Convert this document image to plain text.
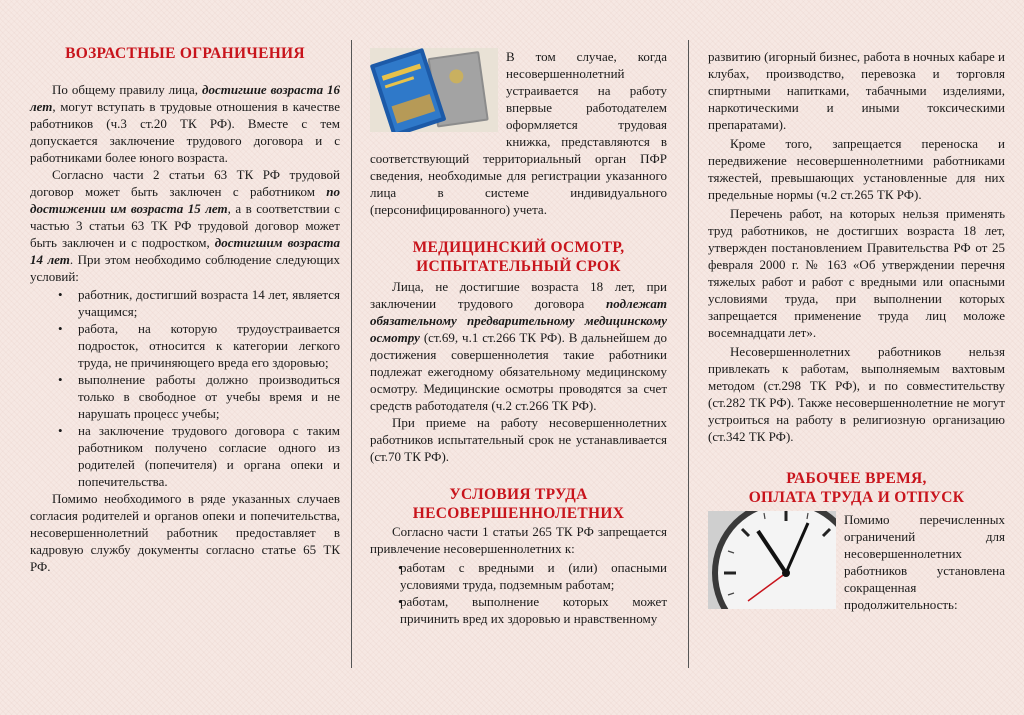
ВОЗРАСТНЫЕ ОГРАНИЧЕНИЯ

По общему правилу лица, достигшие возраста 16 лет, могут вступать в трудовые отношения в качестве работников (ч.3 ст.20 ТК РФ). Вместе с тем допускается заключение трудового договора и с работниками более юного возраста.

Согласно части 2 статьи 63 ТК РФ трудовой договор может быть заключен с работником по достижении им возраста 15 лет, а в соответствии с частью 3 статьи 63 ТК РФ трудовой договор может быть заключен и с подростком, достигшим возраста 14 лет. При этом необходимо соблюдение следующих условий:

• работник, достигший возраста 14 лет, является учащимся;
• работа, на которую трудоустраивается подросток, относится к категории легкого труда, не причиняющего вреда его здоровью;
• выполнение работы должно производиться только в свободное от учебы время и не нарушать процесс учебы;
• на заключение трудового договора с таким работником получено согласие одного из родителей (попечителя) и органа опеки и попечительства.

Помимо необходимого в ряде указанных случаев согласия родителей и органов опеки и попечительства, несовершеннолетний работник предоставляет в кадровую службу документы согласно статье 65 ТК РФ.

В том случае, когда несовершеннолетний устраивается на работу впервые работодателем оформляется трудовая книжка, представляются в соответствующий территориальный орган ПФР сведения, необходимые для регистрации указанного лица в системе индивидуального (персонифицированного) учета.

МЕДИЦИНСКИЙ ОСМОТР,
ИСПЫТАТЕЛЬНЫЙ СРОК

Лица, не достигшие возраста 18 лет, при заключении трудового договора подлежат обязательному предварительному медицинскому осмотру (ст.69, ч.1 ст.266 ТК РФ). В дальнейшем до достижения совершеннолетия такие работники подлежат ежегодному обязательному медицинскому осмотру. Медицинские осмотры проводятся за счет средств работодателя (ч.2 ст.266 ТК РФ).

При приеме на работу несовершеннолетних работников испытательный срок не устанавливается (ст.70 ТК РФ).

УСЛОВИЯ ТРУДА
НЕСОВЕРШЕННОЛЕТНИХ

Согласно части 1 статьи 265 ТК РФ запрещается привлечение несовершеннолетних к:

• работам с вредными и (или) опасными условиями труда, подземным работам;
• работам, выполнение которых может причинить вред их здоровью и нравственному

развитию (игорный бизнес, работа в ночных кабаре и клубах, производство, перевозка и торговля спиртными напитками, табачными изделиями, наркотическими и иными токсическими препаратами).

Кроме того, запрещается переноска и передвижение несовершеннолетними работниками тяжестей, превышающих установленные для них предельные нормы (ч.2 ст.265 ТК РФ).

Перечень работ, на которых нельзя применять труд работников, не достигших возраста 18 лет, утвержден постановлением Правительства РФ от 25 февраля 2000 г. № 163 «Об утверждении перечня тяжелых работ и работ с вредными или опасными условиями труда, при выполнении которых запрещается применение труда лиц моложе восемнадцати лет».

Несовершеннолетних работников нельзя привлекать к работам, выполняемым вахтовым методом (ст.298 ТК РФ), и по совместительству (ст.282 ТК РФ). Также несовершеннолетние не могут устроиться на работу в религиозную организацию (ст.342 ТК РФ).

РАБОЧЕЕ ВРЕМЯ,
ОПЛАТА ТРУДА И ОТПУСК

Помимо перечисленных ограничений для несовершеннолетних работников установлена сокращенная продолжительность:
